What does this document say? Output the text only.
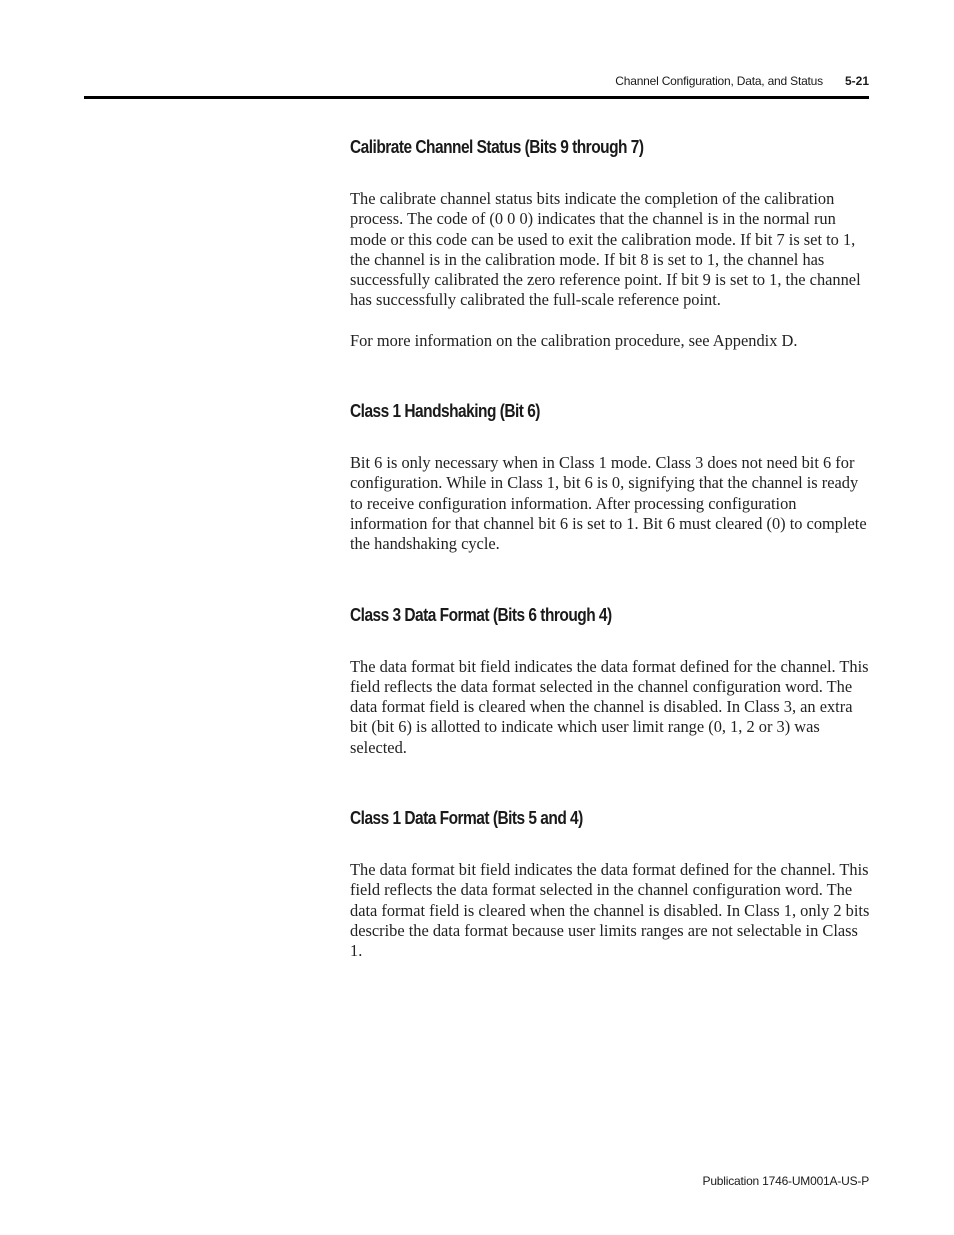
Channel Configuration, Data, and Status 5-21
Calibrate Channel Status (Bits 9 through 7)

The calibrate channel status bits indicate the completion of the calibration process. The code of (0 0 0) indicates that the channel is in the normal run mode or this code can be used to exit the calibration mode. If bit 7 is set to 1, the channel is in the calibration mode. If bit 8 is set to 1, the channel has successfully calibrated the zero reference point. If bit 9 is set to 1, the channel has successfully calibrated the full-scale reference point.

For more information on the calibration procedure, see Appendix D.

Class 1 Handshaking (Bit 6)

Bit 6 is only necessary when in Class 1 mode. Class 3 does not need bit 6 for configuration. While in Class 1, bit 6 is 0, signifying that the channel is ready to receive configuration information. After processing configuration information for that channel bit 6 is set to 1. Bit 6 must cleared (0) to complete the handshaking cycle.

Class 3 Data Format (Bits 6 through 4)

The data format bit field indicates the data format defined for the channel. This field reflects the data format selected in the channel configuration word. The data format field is cleared when the channel is disabled. In Class 3, an extra bit (bit 6) is allotted to indicate which user limit range (0, 1, 2 or 3) was selected.

Class 1 Data Format (Bits 5 and 4)

The data format bit field indicates the data format defined for the channel. This field reflects the data format selected in the channel configuration word. The data format field is cleared when the channel is disabled. In Class 1, only 2 bits describe the data format because user limits ranges are not selectable in Class 1.

Publication 1746-UM001A-US-P
